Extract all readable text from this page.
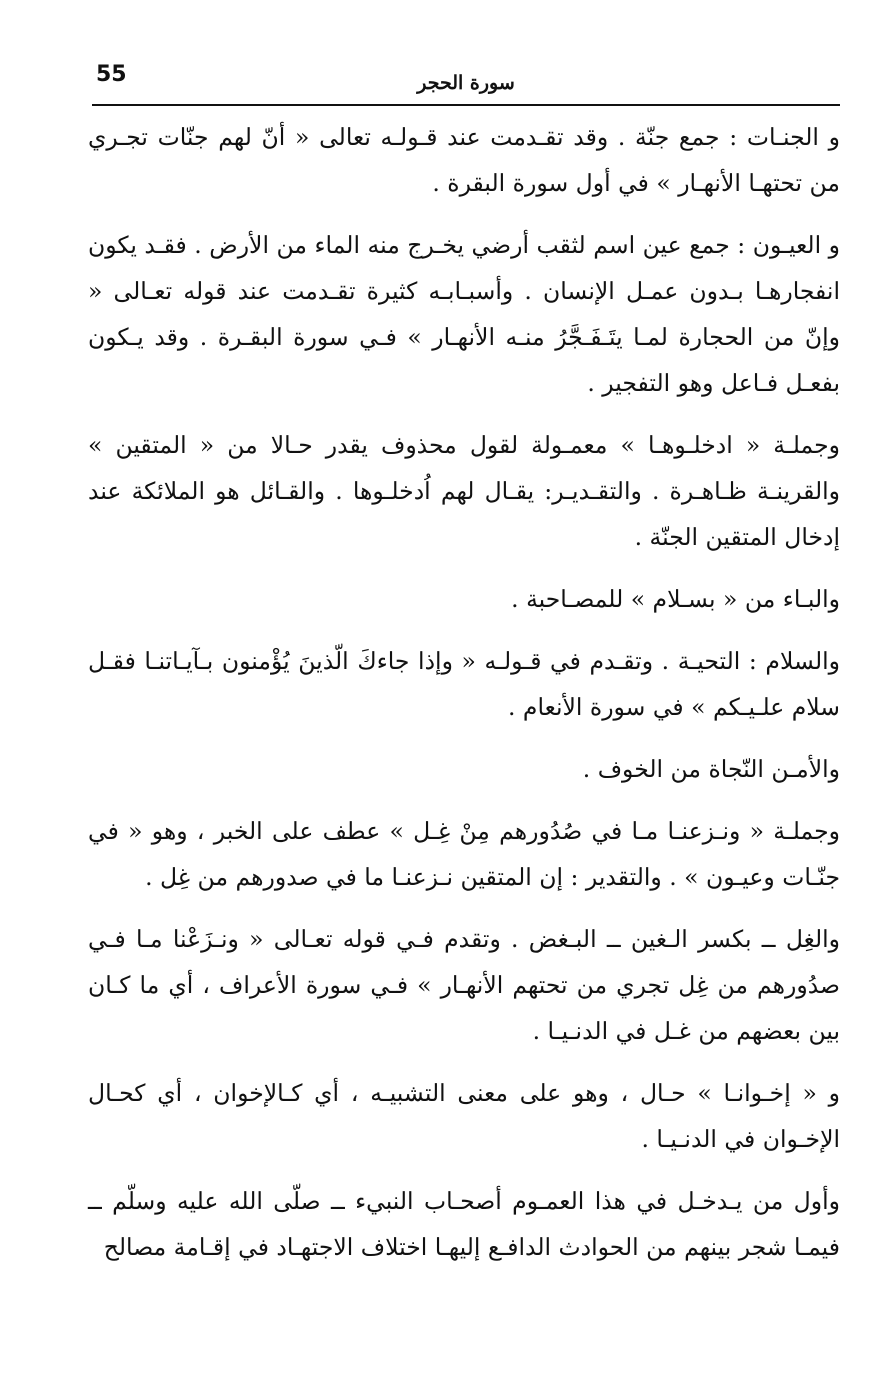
55	سورة الحجر

و الجنـات : جمع جنّة . وقد تقـدمت عند قـولـه تعالى « أنّ لهم جنّات تجـري من تحتهـا الأنهـار » في أول سورة البقرة .

و العيـون : جمع عين اسم لثقب أرضي يخـرج منه الماء من الأرض . فقـد يكون انفجارهـا بـدون عمـل الإنسان . وأسبـابـه كثيرة تقـدمت عند قوله تعـالى « وإنّ من الحجارة لمـا يتَـفَـجَّرُ منـه الأنهـار » فـي سورة البقـرة . وقد يـكون بفعـل فـاعل وهو التفجير .

وجملـة « ادخلـوهـا » معمـولة لقول محذوف يقدر حـالا من « المتقين » والقرينـة ظـاهـرة . والتقـديـر: يقـال لهم اُدخلـوها . والقـائل هو الملائكة عند إدخال المتقين الجنّة .

والبـاء من « بسـلام » للمصـاحبة .

والسلام : التحيـة . وتقـدم في قـولـه « وإذا جاءكَ الّذينَ يُؤْمنون بـآيـاتنـا فقـل سلام علـيـكم » في سورة الأنعام .

والأمـن النّجاة من الخوف .

وجملـة « ونـزعنـا مـا في صُدُورهم مِنْ غِـل » عطف على الخبر ، وهو « في جنّـات وعيـون » . والتقدير : إن المتقين نـزعنـا ما في صدورهم من غِل .

والغِل ــ بكسر الـغين ــ البـغض . وتقدم فـي قوله تعـالى « ونـزَعْنا مـا فـي صدُورهم من غِل تجري من تحتهم الأنهـار » فـي سورة الأعراف ، أي ما كـان بين بعضهم من غـل في الدنـيـا .

و « إخـوانـا » حـال ، وهو على معنى التشبيـه ، أي كـالإخوان ، أي كحـال الإخـوان في الدنـيـا .

وأول من يـدخـل في هذا العمـوم أصحـاب النبيء ــ صلّى الله عليه وسلّم ــ فيمـا شجر بينهم من الحوادث الدافـع إليهـا اختلاف الاجتهـاد في إقـامة مصالح
